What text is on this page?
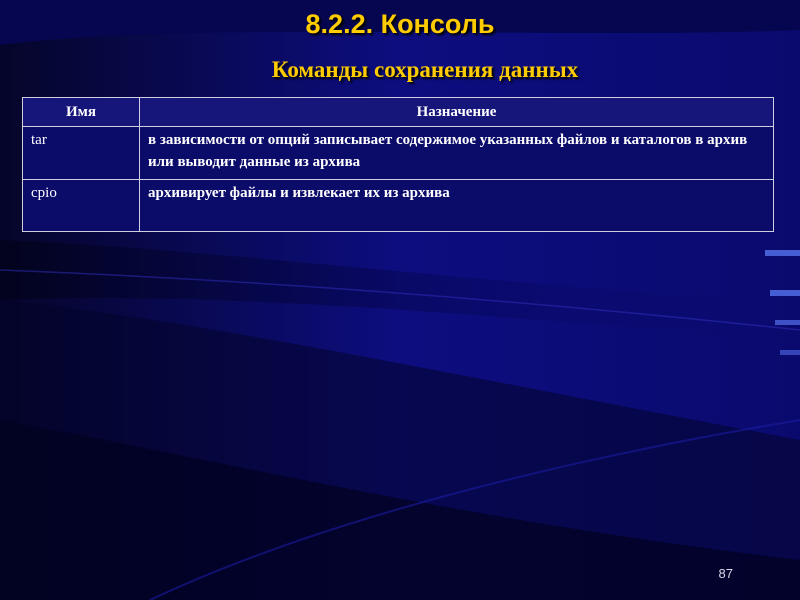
8.2.2. Консоль
Команды сохранения данных
Имя	Назначение
tar	в зависимости от опций записывает содержимое указанных файлов и каталогов в архив или выводит данные из архива
cpio	архивирует файлы и извлекает их из архива
87
